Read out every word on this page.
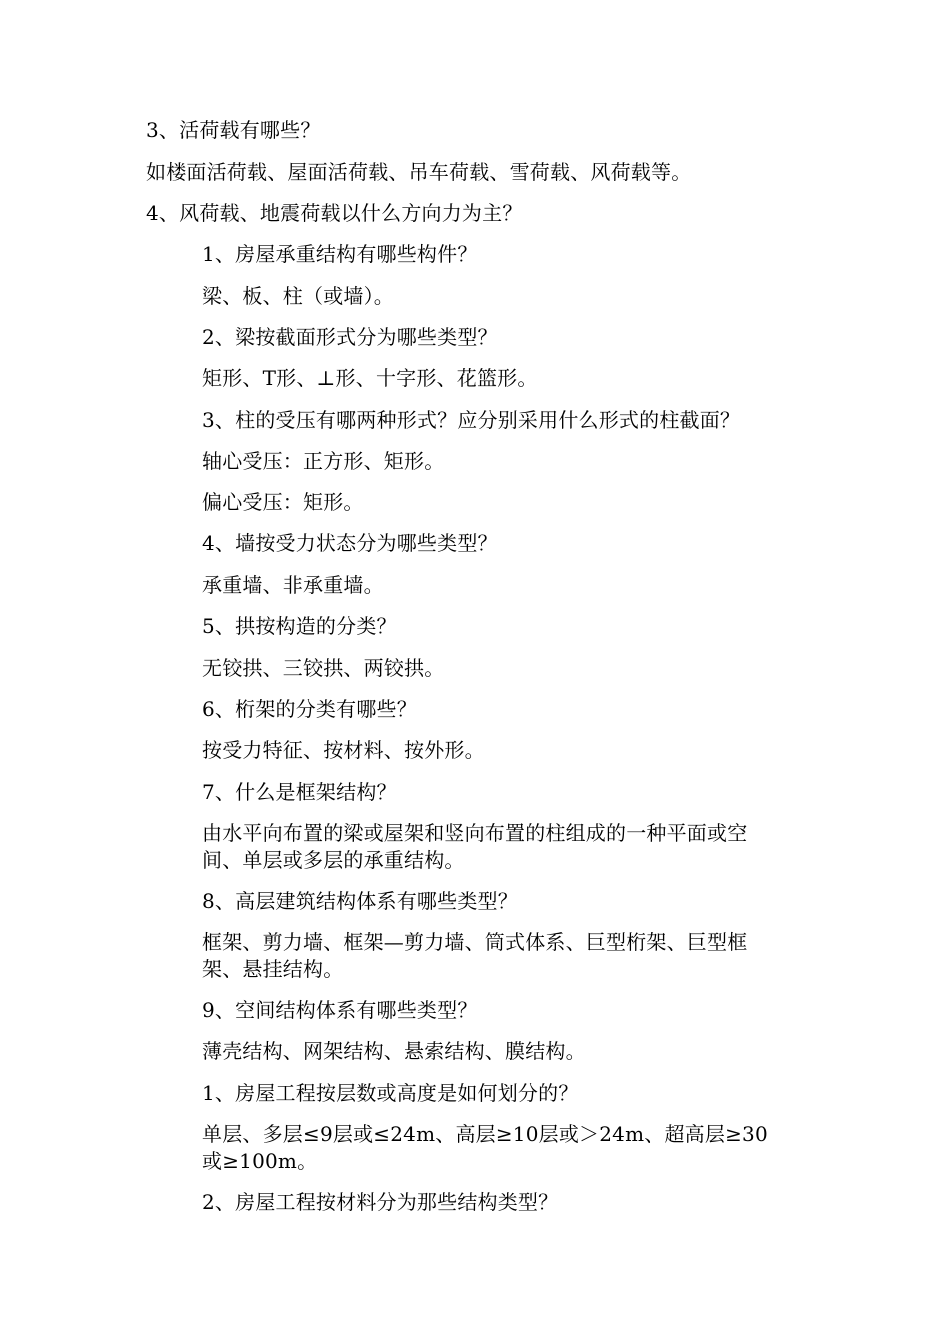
3、活荷载有哪些？
如楼面活荷载、屋面活荷载、吊车荷载、雪荷载、风荷载等。
4、风荷载、地震荷载以什么方向力为主？
1、房屋承重结构有哪些构件？
梁、板、柱（或墙）。
2、梁按截面形式分为哪些类型？
矩形、T形、⊥形、十字形、花篮形。
3、柱的受压有哪两种形式？应分别采用什么形式的柱截面？
轴心受压：正方形、矩形。
偏心受压：矩形。
4、墙按受力状态分为哪些类型？
承重墙、非承重墙。
5、拱按构造的分类？
无铰拱、三铰拱、两铰拱。
6、桁架的分类有哪些？
按受力特征、按材料、按外形。
7、什么是框架结构？
由水平向布置的梁或屋架和竖向布置的柱组成的一种平面或空
间、单层或多层的承重结构。
8、高层建筑结构体系有哪些类型？
框架、剪力墙、框架—剪力墙、筒式体系、巨型桁架、巨型框
架、悬挂结构。
9、空间结构体系有哪些类型？
薄壳结构、网架结构、悬索结构、膜结构。
1、房屋工程按层数或高度是如何划分的？
单层、多层≤9层或≤24m、高层≥10层或＞24m、超高层≥30
或≥100m。
2、房屋工程按材料分为那些结构类型？
